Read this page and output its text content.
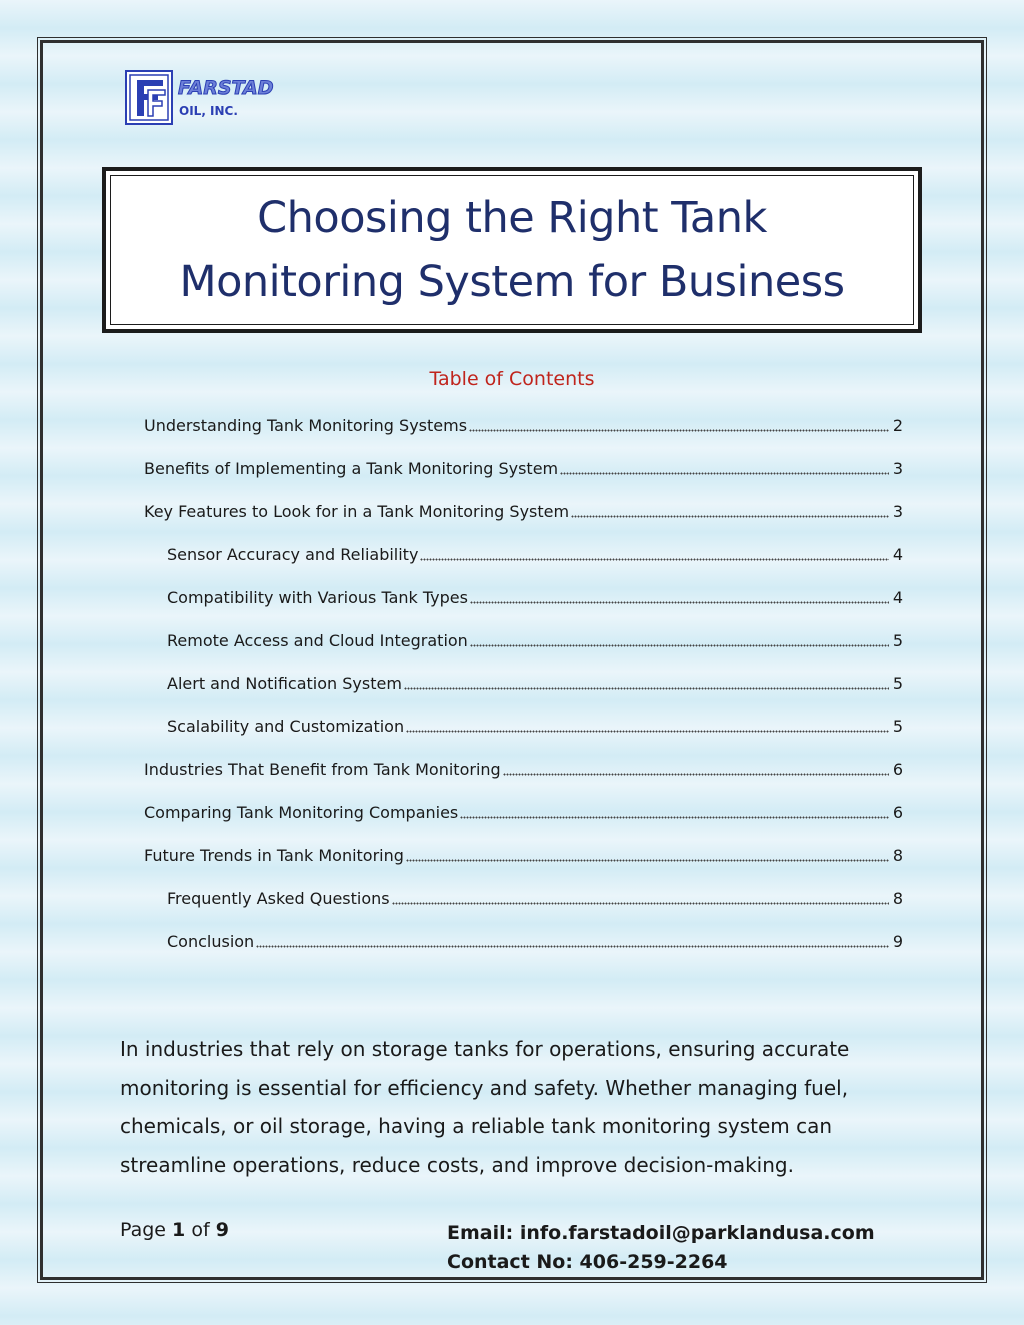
FARSTAD
OIL, INC.
Choosing the Right Tank
Monitoring System for Business
Table of Contents
Understanding Tank Monitoring Systems	2
Benefits of Implementing a Tank Monitoring System	3
Key Features to Look for in a Tank Monitoring System	3
Sensor Accuracy and Reliability	4
Compatibility with Various Tank Types	4
Remote Access and Cloud Integration	5
Alert and Notification System	5
Scalability and Customization	5
Industries That Benefit from Tank Monitoring	6
Comparing Tank Monitoring Companies	6
Future Trends in Tank Monitoring	8
Frequently Asked Questions	8
Conclusion	9

In industries that rely on storage tanks for operations, ensuring accurate monitoring is essential for efficiency and safety. Whether managing fuel, chemicals, or oil storage, having a reliable tank monitoring system can streamline operations, reduce costs, and improve decision-making.

Page 1 of 9	Email: info.farstadoil@parklandusa.com
Contact No: 406-259-2264
